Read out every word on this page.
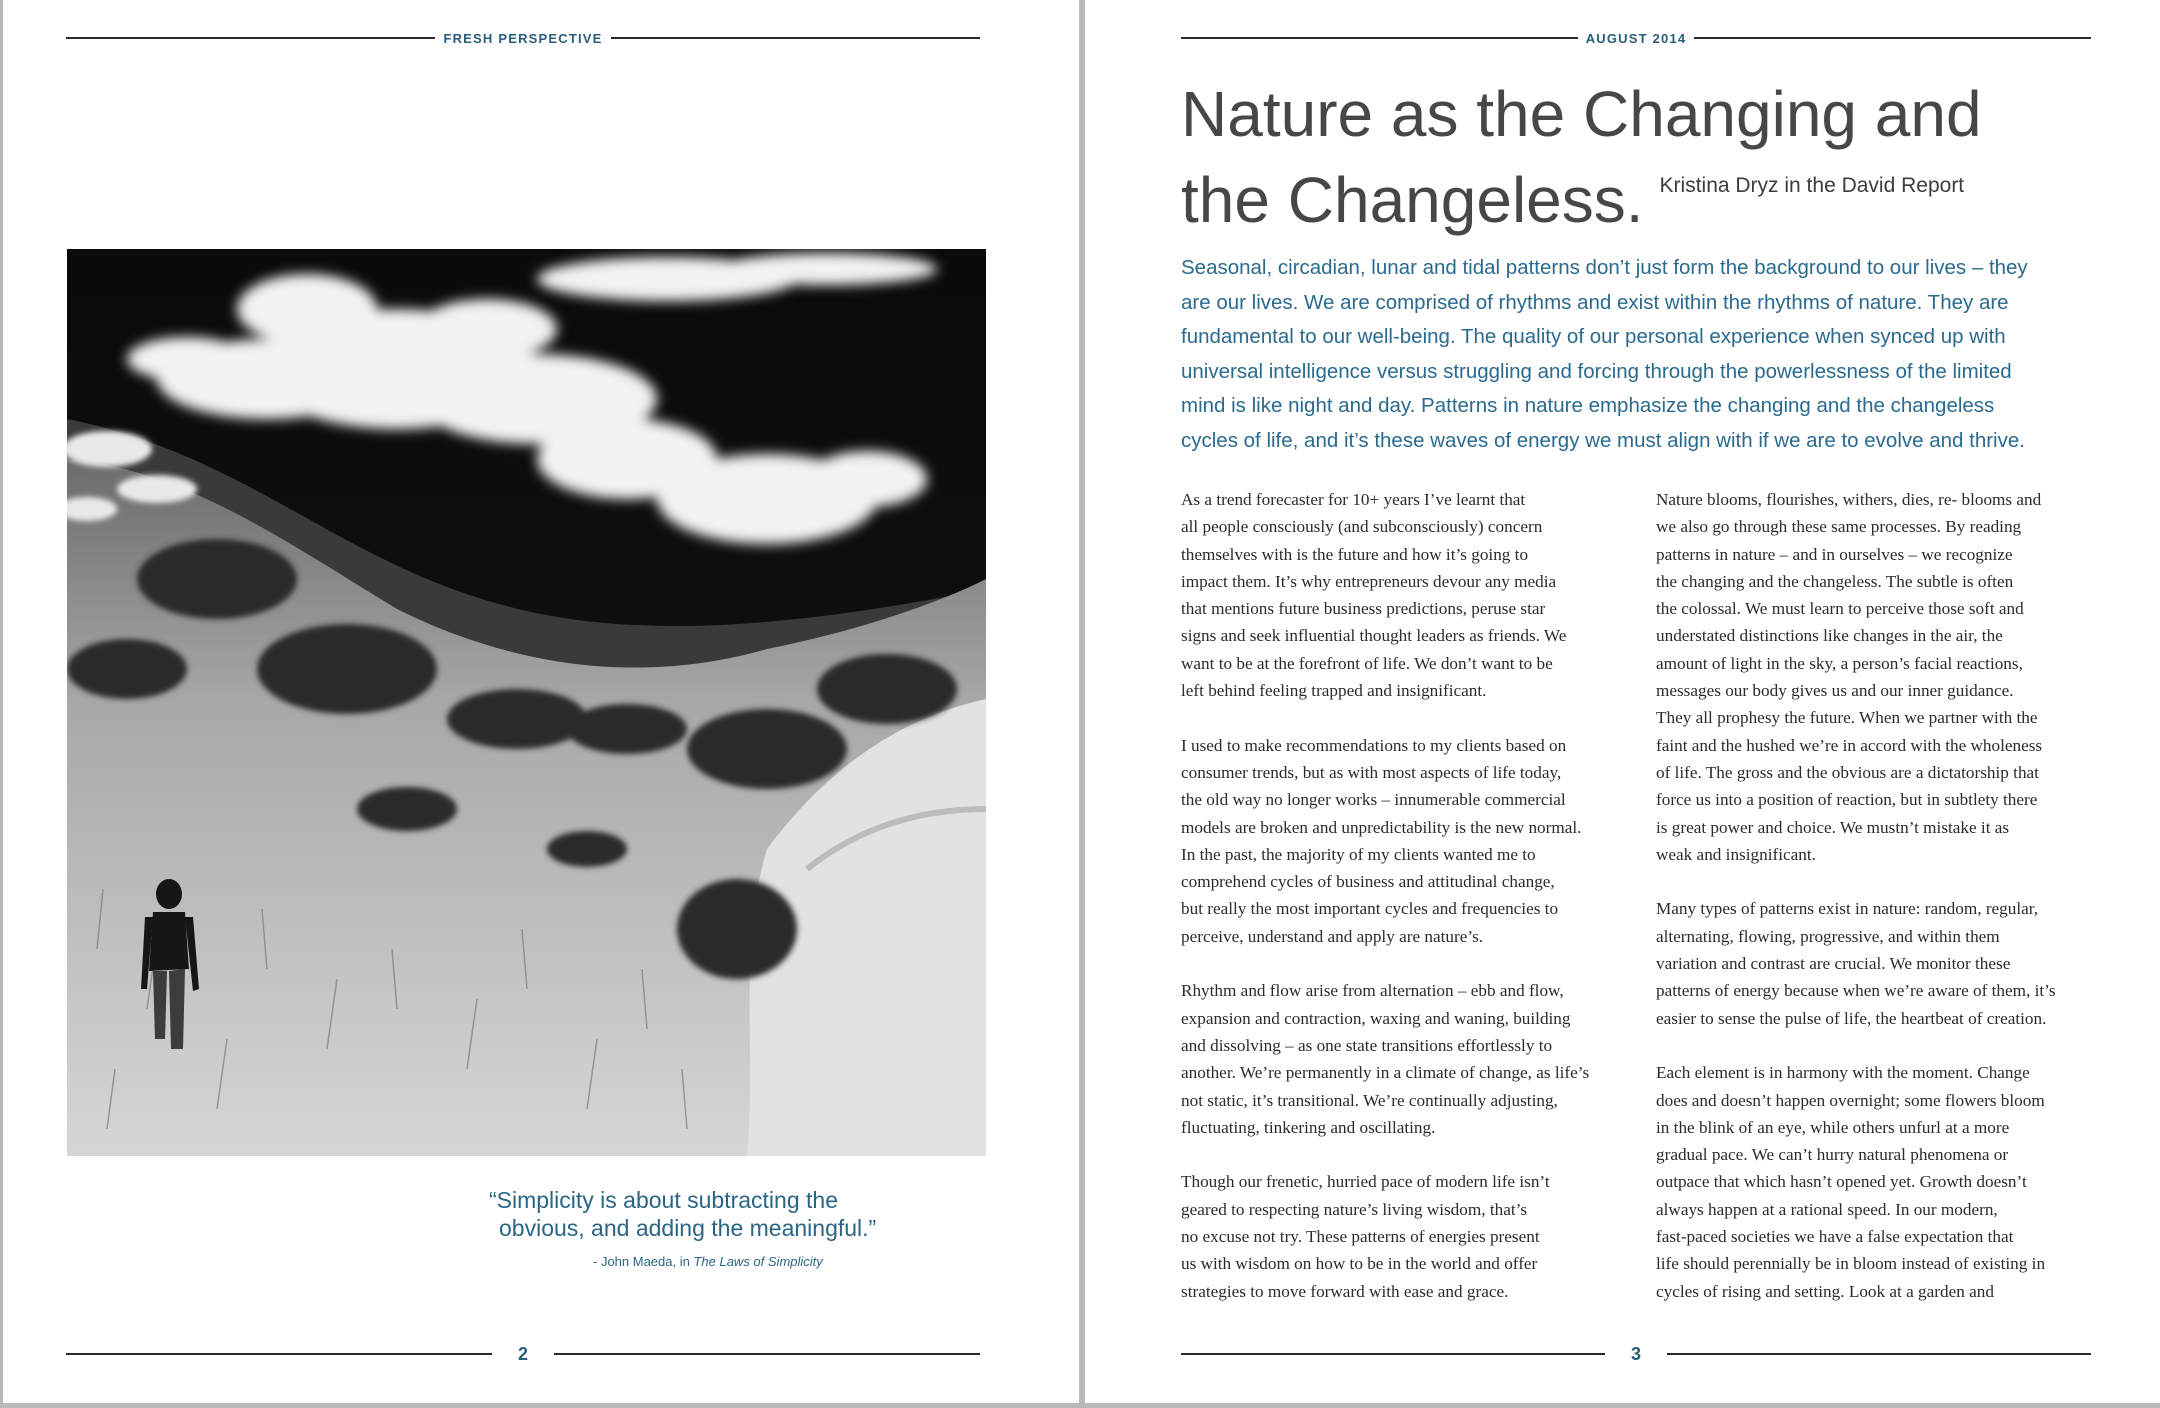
FRESH PERSPECTIVE
“Simplicity is about subtracting the
obvious, and adding the meaningful.”
- John Maeda, in The Laws of Simplicity
2
AUGUST 2014
Nature as the Changing and
the Changeless. $^{Kristina Dryz in the David Report}$
Seasonal, circadian, lunar and tidal patterns don’t just form the background to our lives – they
are our lives. We are comprised of rhythms and exist within the rhythms of nature. They are
fundamental to our well-being. The quality of our personal experience when synced up with
universal intelligence versus struggling and forcing through the powerlessness of the limited
mind is like night and day. Patterns in nature emphasize the changing and the changeless
cycles of life, and it’s these waves of energy we must align with if we are to evolve and thrive.
As a trend forecaster for 10+ years I’ve learnt that
all people consciously (and subconsciously) concern
themselves with is the future and how it’s going to
impact them. It’s why entrepreneurs devour any media
that mentions future business predictions, peruse star
signs and seek influential thought leaders as friends. We
want to be at the forefront of life. We don’t want to be
left behind feeling trapped and insignificant.
I used to make recommendations to my clients based on
consumer trends, but as with most aspects of life today,
the old way no longer works – innumerable commercial
models are broken and unpredictability is the new normal.
In the past, the majority of my clients wanted me to
comprehend cycles of business and attitudinal change,
but really the most important cycles and frequencies to
perceive, understand and apply are nature’s.
Rhythm and flow arise from alternation – ebb and flow,
expansion and contraction, waxing and waning, building
and dissolving – as one state transitions effortlessly to
another. We’re permanently in a climate of change, as life’s
not static, it’s transitional. We’re continually adjusting,
fluctuating, tinkering and oscillating.
Though our frenetic, hurried pace of modern life isn’t
geared to respecting nature’s living wisdom, that’s
no excuse not try. These patterns of energies present
us with wisdom on how to be in the world and offer
strategies to move forward with ease and grace.
Nature blooms, flourishes, withers, dies, re- blooms and
we also go through these same processes. By reading
patterns in nature – and in ourselves – we recognize
the changing and the changeless. The subtle is often
the colossal. We must learn to perceive those soft and
understated distinctions like changes in the air, the
amount of light in the sky, a person’s facial reactions,
messages our body gives us and our inner guidance.
They all prophesy the future. When we partner with the
faint and the hushed we’re in accord with the wholeness
of life. The gross and the obvious are a dictatorship that
force us into a position of reaction, but in subtlety there
is great power and choice. We mustn’t mistake it as
weak and insignificant.
Many types of patterns exist in nature: random, regular,
alternating, flowing, progressive, and within them
variation and contrast are crucial. We monitor these
patterns of energy because when we’re aware of them, it’s
easier to sense the pulse of life, the heartbeat of creation.
Each element is in harmony with the moment. Change
does and doesn’t happen overnight; some flowers bloom
in the blink of an eye, while others unfurl at a more
gradual pace. We can’t hurry natural phenomena or
outpace that which hasn’t opened yet. Growth doesn’t
always happen at a rational speed. In our modern,
fast-paced societies we have a false expectation that
life should perennially be in bloom instead of existing in
cycles of rising and setting. Look at a garden and
3
